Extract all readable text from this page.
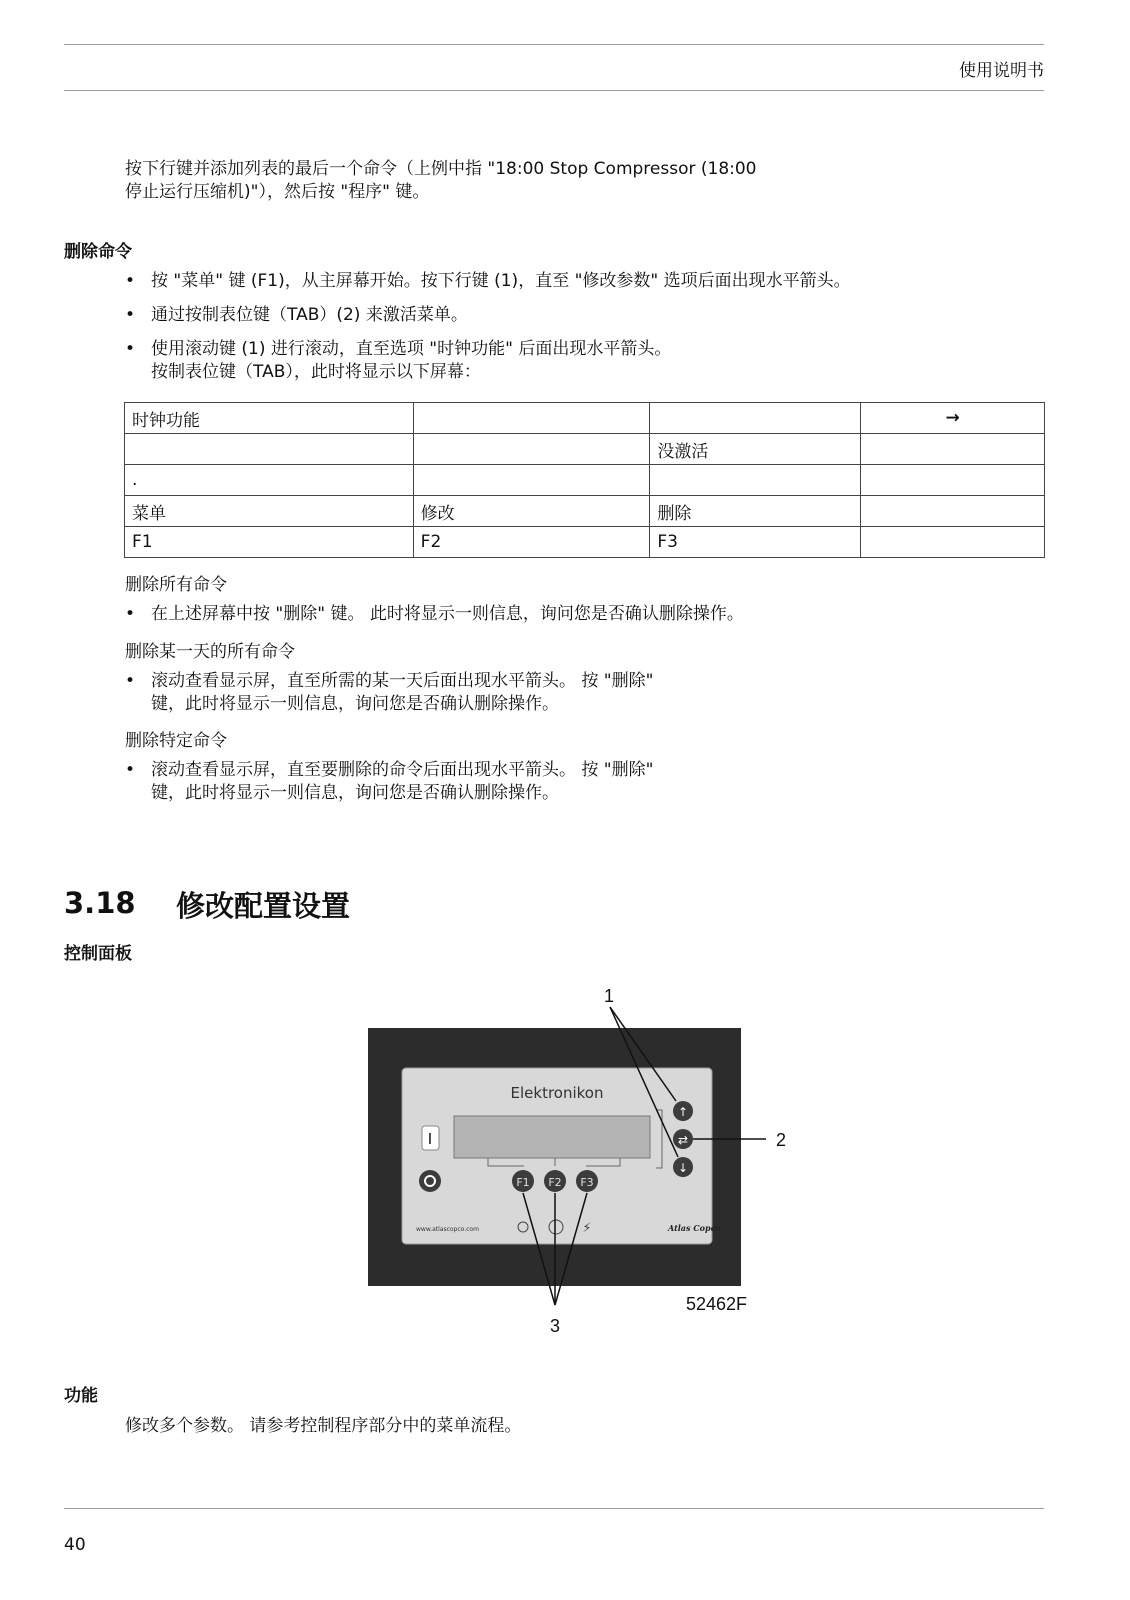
使用说明书
按下行键并添加列表的最后一个命令（上例中指 "18:00 Stop Compressor (18:00
停止运行压缩机)"），然后按 "程序" 键。
删除命令
• 按 "菜单" 键 (F1)，从主屏幕开始。按下行键 (1)，直至 "修改参数" 选项后面出现水平箭头。
• 通过按制表位键（TAB）(2) 来激活菜单。
• 使用滚动键 (1) 进行滚动，直至选项 "时钟功能" 后面出现水平箭头。
按制表位键（TAB），此时将显示以下屏幕：
时钟功能			→
		没激活	
.			
菜单	修改	删除	
F1	F2	F3	
删除所有命令
• 在上述屏幕中按 "删除" 键。 此时将显示一则信息，询问您是否确认删除操作。
删除某一天的所有命令
• 滚动查看显示屏，直至所需的某一天后面出现水平箭头。 按 "删除"
键，此时将显示一则信息，询问您是否确认删除操作。
删除特定命令
• 滚动查看显示屏，直至要删除的命令后面出现水平箭头。 按 "删除"
键，此时将显示一则信息，询问您是否确认删除操作。
3.18 修改配置设置
控制面板
Elektronikon
I
F1 F2 F3
↑
⇄
↓
⚡
www.atlascopco.com	Atlas Copco
1
2
3
52462F
功能
修改多个参数。 请参考控制程序部分中的菜单流程。
40
